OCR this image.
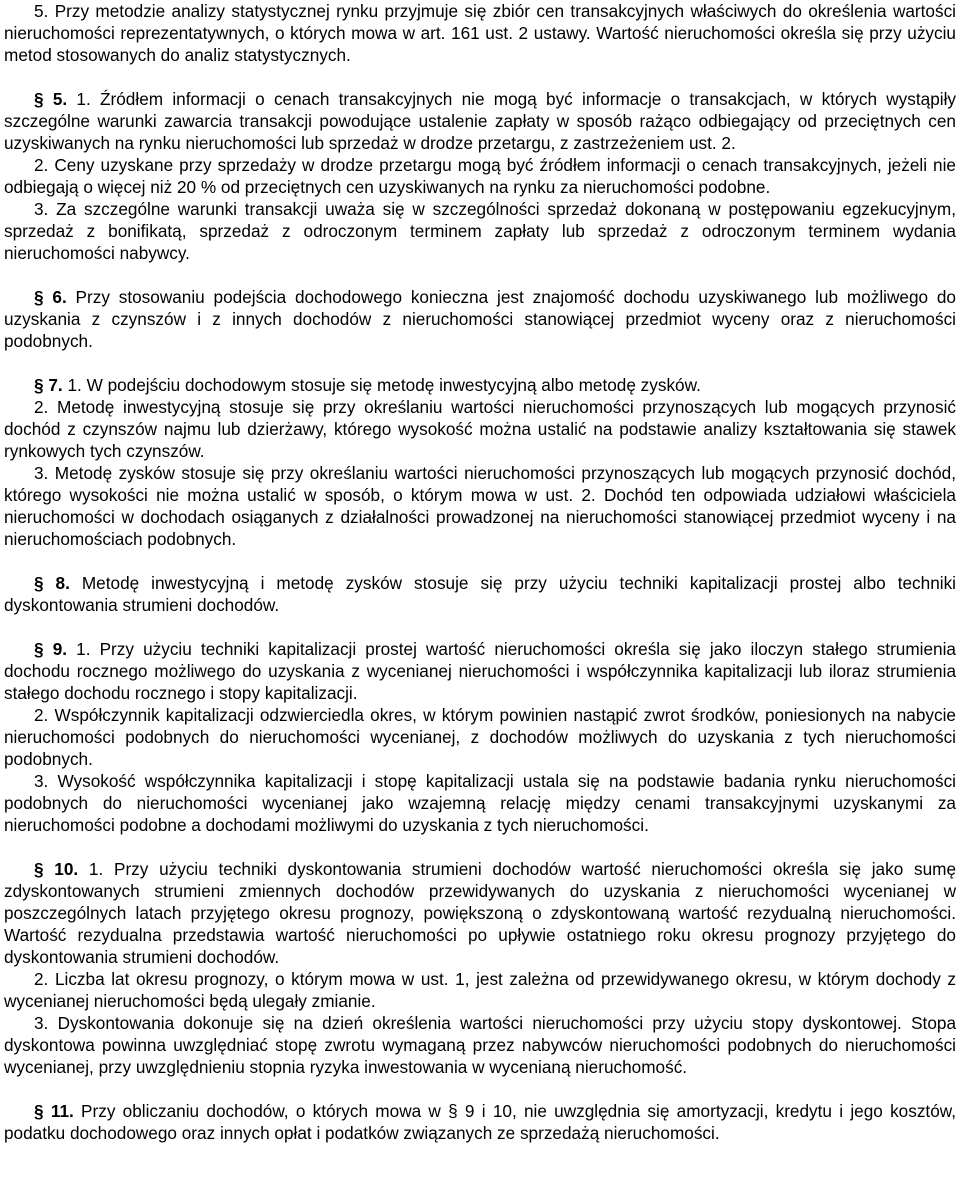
5. Przy metodzie analizy statystycznej rynku przyjmuje się zbiór cen transakcyjnych właściwych do określenia wartości nieruchomości reprezentatywnych, o których mowa w art. 161 ust. 2 ustawy. Wartość nieruchomości określa się przy użyciu metod stosowanych do analiz statystycznych.

§ 5. 1. Źródłem informacji o cenach transakcyjnych nie mogą być informacje o transakcjach, w których wystąpiły szczególne warunki zawarcia transakcji powodujące ustalenie zapłaty w sposób rażąco odbiegający od przeciętnych cen uzyskiwanych na rynku nieruchomości lub sprzedaż w drodze przetargu, z zastrzeżeniem ust. 2.

2. Ceny uzyskane przy sprzedaży w drodze przetargu mogą być źródłem informacji o cenach transakcyjnych, jeżeli nie odbiegają o więcej niż 20 % od przeciętnych cen uzyskiwanych na rynku za nieruchomości podobne.

3. Za szczególne warunki transakcji uważa się w szczególności sprzedaż dokonaną w postępowaniu egzekucyjnym, sprzedaż z bonifikatą, sprzedaż z odroczonym terminem zapłaty lub sprzedaż z odroczonym terminem wydania nieruchomości nabywcy.

§ 6. Przy stosowaniu podejścia dochodowego konieczna jest znajomość dochodu uzyskiwanego lub możliwego do uzyskania z czynszów i z innych dochodów z nieruchomości stanowiącej przedmiot wyceny oraz z nieruchomości podobnych.

§ 7. 1. W podejściu dochodowym stosuje się metodę inwestycyjną albo metodę zysków.

2. Metodę inwestycyjną stosuje się przy określaniu wartości nieruchomości przynoszących lub mogących przynosić dochód z czynszów najmu lub dzierżawy, którego wysokość można ustalić na podstawie analizy kształtowania się stawek rynkowych tych czynszów.

3. Metodę zysków stosuje się przy określaniu wartości nieruchomości przynoszących lub mogących przynosić dochód, którego wysokości nie można ustalić w sposób, o którym mowa w ust. 2. Dochód ten odpowiada udziałowi właściciela nieruchomości w dochodach osiąganych z działalności prowadzonej na nieruchomości stanowiącej przedmiot wyceny i na nieruchomościach podobnych.

§ 8. Metodę inwestycyjną i metodę zysków stosuje się przy użyciu techniki kapitalizacji prostej albo techniki dyskontowania strumieni dochodów.

§ 9. 1. Przy użyciu techniki kapitalizacji prostej wartość nieruchomości określa się jako iloczyn stałego strumienia dochodu rocznego możliwego do uzyskania z wycenianej nieruchomości i współczynnika kapitalizacji lub iloraz strumienia stałego dochodu rocznego i stopy kapitalizacji.

2. Współczynnik kapitalizacji odzwierciedla okres, w którym powinien nastąpić zwrot środków, poniesionych na nabycie nieruchomości podobnych do nieruchomości wycenianej, z dochodów możliwych do uzyskania z tych nieruchomości podobnych.

3. Wysokość współczynnika kapitalizacji i stopę kapitalizacji ustala się na podstawie badania rynku nieruchomości podobnych do nieruchomości wycenianej jako wzajemną relację między cenami transakcyjnymi uzyskanymi za nieruchomości podobne a dochodami możliwymi do uzyskania z tych nieruchomości.

§ 10. 1. Przy użyciu techniki dyskontowania strumieni dochodów wartość nieruchomości określa się jako sumę zdyskontowanych strumieni zmiennych dochodów przewidywanych do uzyskania z nieruchomości wycenianej w poszczególnych latach przyjętego okresu prognozy, powiększoną o zdyskontowaną wartość rezydualną nieruchomości. Wartość rezydualna przedstawia wartość nieruchomości po upływie ostatniego roku okresu prognozy przyjętego do dyskontowania strumieni dochodów.

2. Liczba lat okresu prognozy, o którym mowa w ust. 1, jest zależna od przewidywanego okresu, w którym dochody z wycenianej nieruchomości będą ulegały zmianie.

3. Dyskontowania dokonuje się na dzień określenia wartości nieruchomości przy użyciu stopy dyskontowej. Stopa dyskontowa powinna uwzględniać stopę zwrotu wymaganą przez nabywców nieruchomości podobnych do nieruchomości wycenianej, przy uwzględnieniu stopnia ryzyka inwestowania w wycenianą nieruchomość.

§ 11. Przy obliczaniu dochodów, o których mowa w § 9 i 10, nie uwzględnia się amortyzacji, kredytu i jego kosztów, podatku dochodowego oraz innych opłat i podatków związanych ze sprzedażą nieruchomości.
